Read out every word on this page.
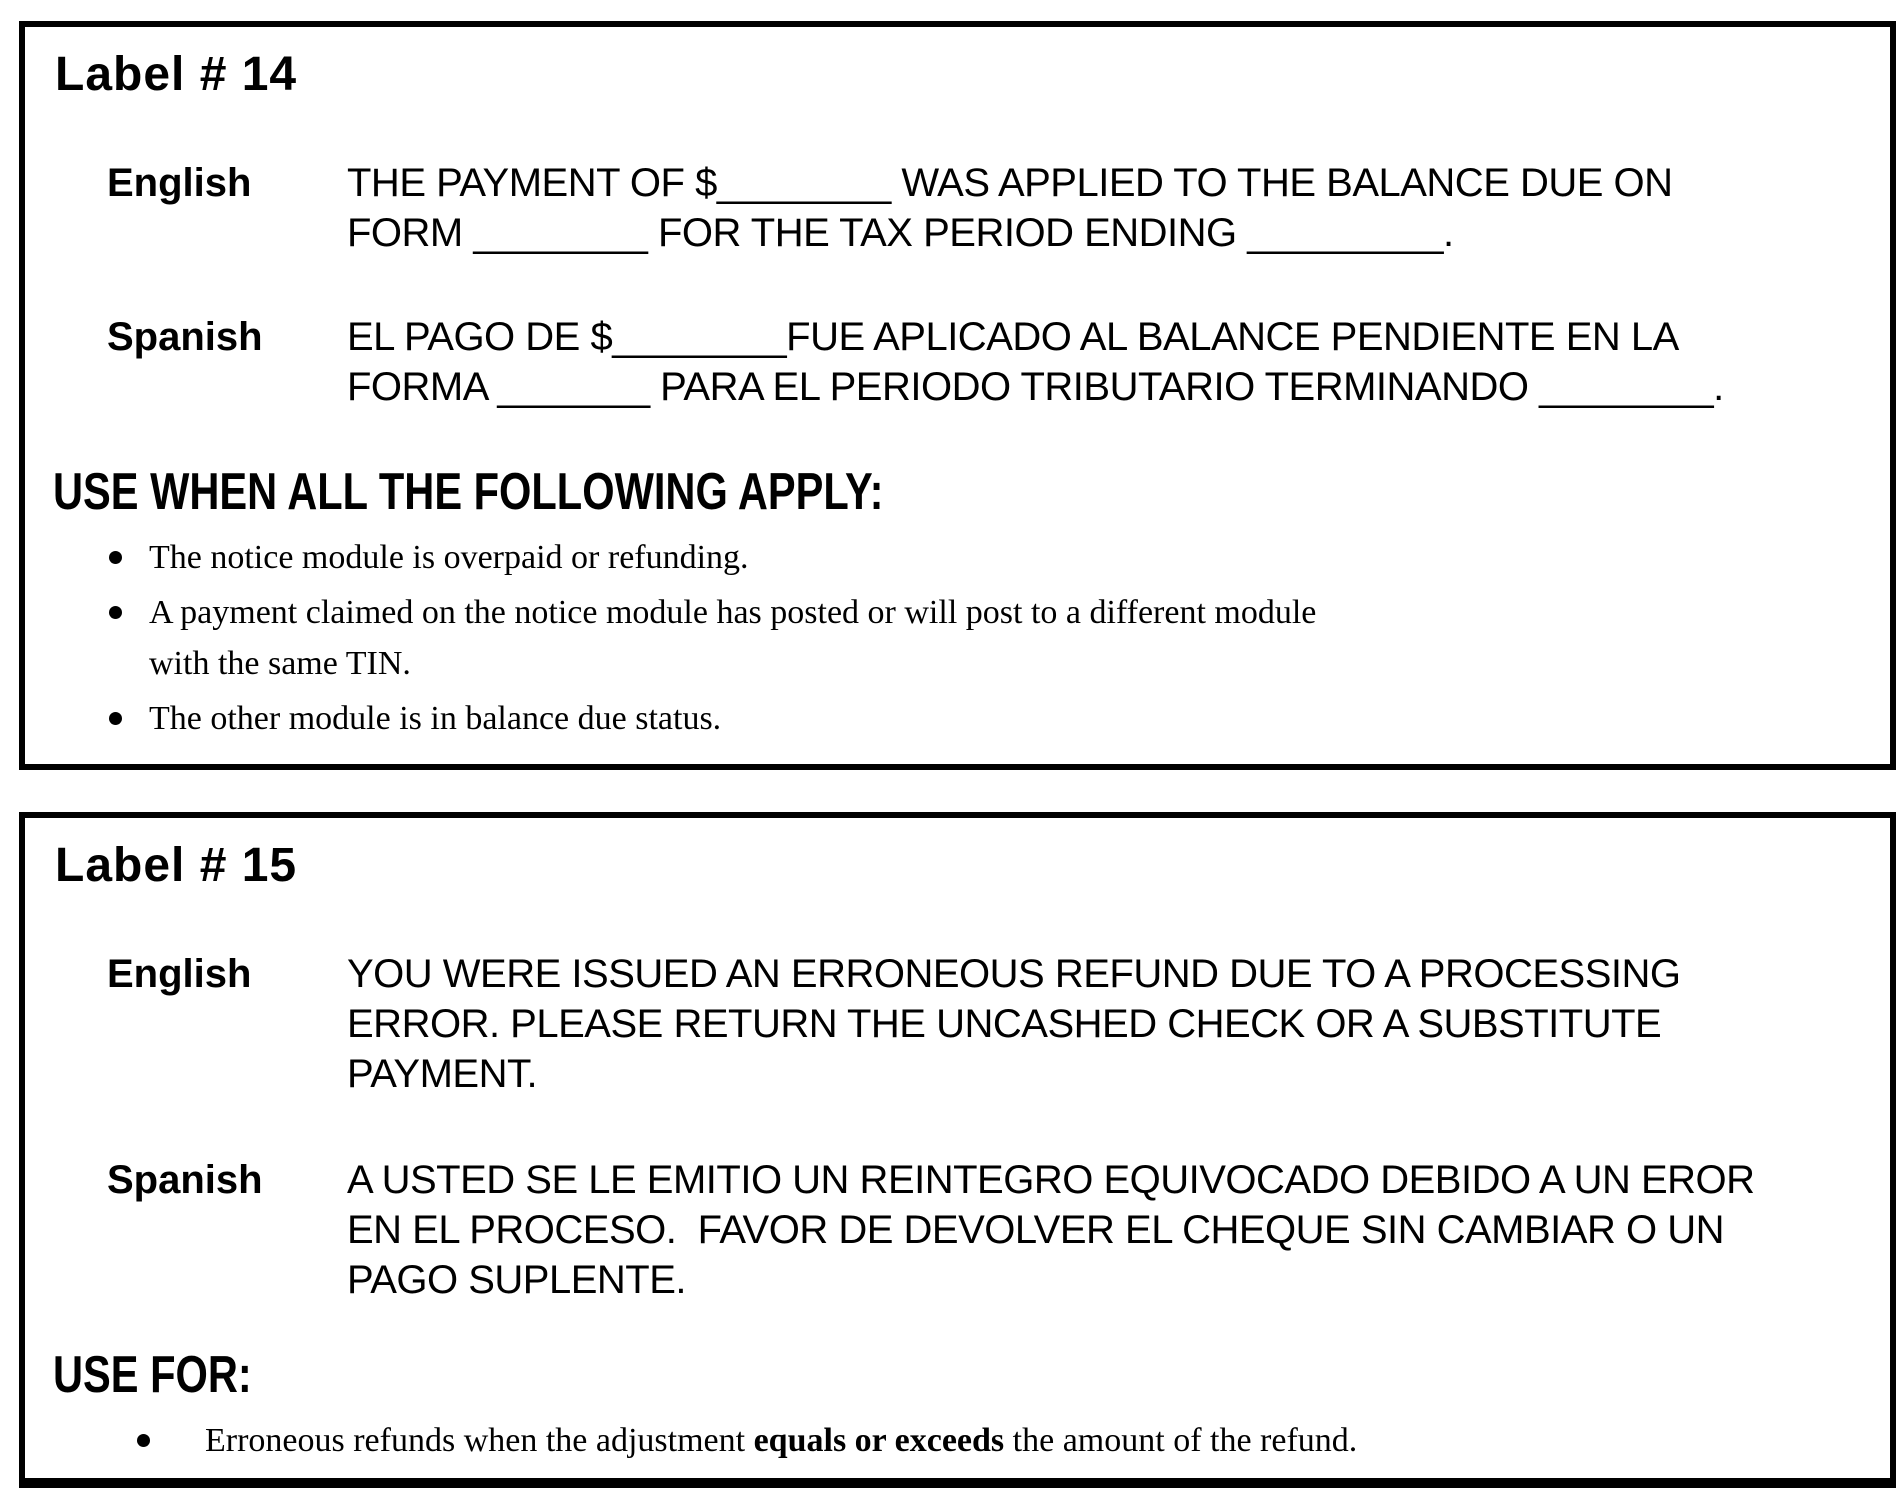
Label # 14
English	THE PAYMENT OF $________ WAS APPLIED TO THE BALANCE DUE ON
FORM ________ FOR THE TAX PERIOD ENDING _________.
Spanish	EL PAGO DE $________FUE APLICADO AL BALANCE PENDIENTE EN LA
FORMA _______ PARA EL PERIODO TRIBUTARIO TERMINANDO ________.
USE WHEN ALL THE FOLLOWING APPLY:
The notice module is overpaid or refunding.
A payment claimed on the notice module has posted or will post to a different module
with the same TIN.
The other module is in balance due status.
Label # 15
English	YOU WERE ISSUED AN ERRONEOUS REFUND DUE TO A PROCESSING
ERROR. PLEASE RETURN THE UNCASHED CHECK OR A SUBSTITUTE
PAYMENT.
Spanish	A USTED SE LE EMITIO UN REINTEGRO EQUIVOCADO DEBIDO A UN EROR
EN EL PROCESO.  FAVOR DE DEVOLVER EL CHEQUE SIN CAMBIAR O UN
PAGO SUPLENTE.
USE FOR:
Erroneous refunds when the adjustment equals or exceeds the amount of the refund.
